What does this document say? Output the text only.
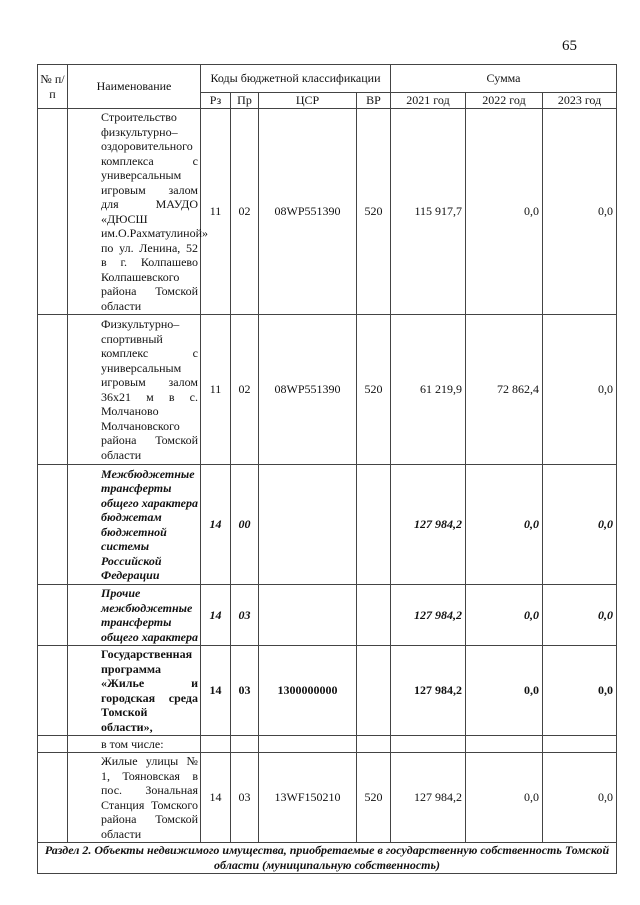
65
№ п/п	Наименование	Коды бюджетной классификации				Сумма		
		Рз	Пр	ЦСР	ВР	2021 год	2022 год	2023 год
	Строительство физкультурно–оздоровительного комплекса с универсальным игровым залом для МАУДО «ДЮСШ им.О.Рахматулиной» по ул. Ленина, 52 в г. Колпашево Колпашевского района Томской области	11	02	08WP551390	520	115 917,7	0,0	0,0
	Физкультурно–спортивный комплекс с универсальным игровым залом 36х21 м в с. Молчаново Молчановского района Томской области	11	02	08WP551390	520	61 219,9	72 862,4	0,0
	Межбюджетные трансферты общего характера бюджетам бюджетной системы Российской Федерации	14	00			127 984,2	0,0	0,0
	Прочие межбюджетные трансферты общего характера	14	03			127 984,2	0,0	0,0
	Государственная программа «Жилье и городская среда Томской области»,	14	03	1300000000		127 984,2	0,0	0,0
	в том числе:							
	Жилые улицы № 1, Тояновская в пос. Зональная Станция Томского района Томской области	14	03	13WF150210	520	127 984,2	0,0	0,0
Раздел 2. Объекты недвижимого имущества, приобретаемые в государственную собственность Томской области (муниципальную собственность)								
